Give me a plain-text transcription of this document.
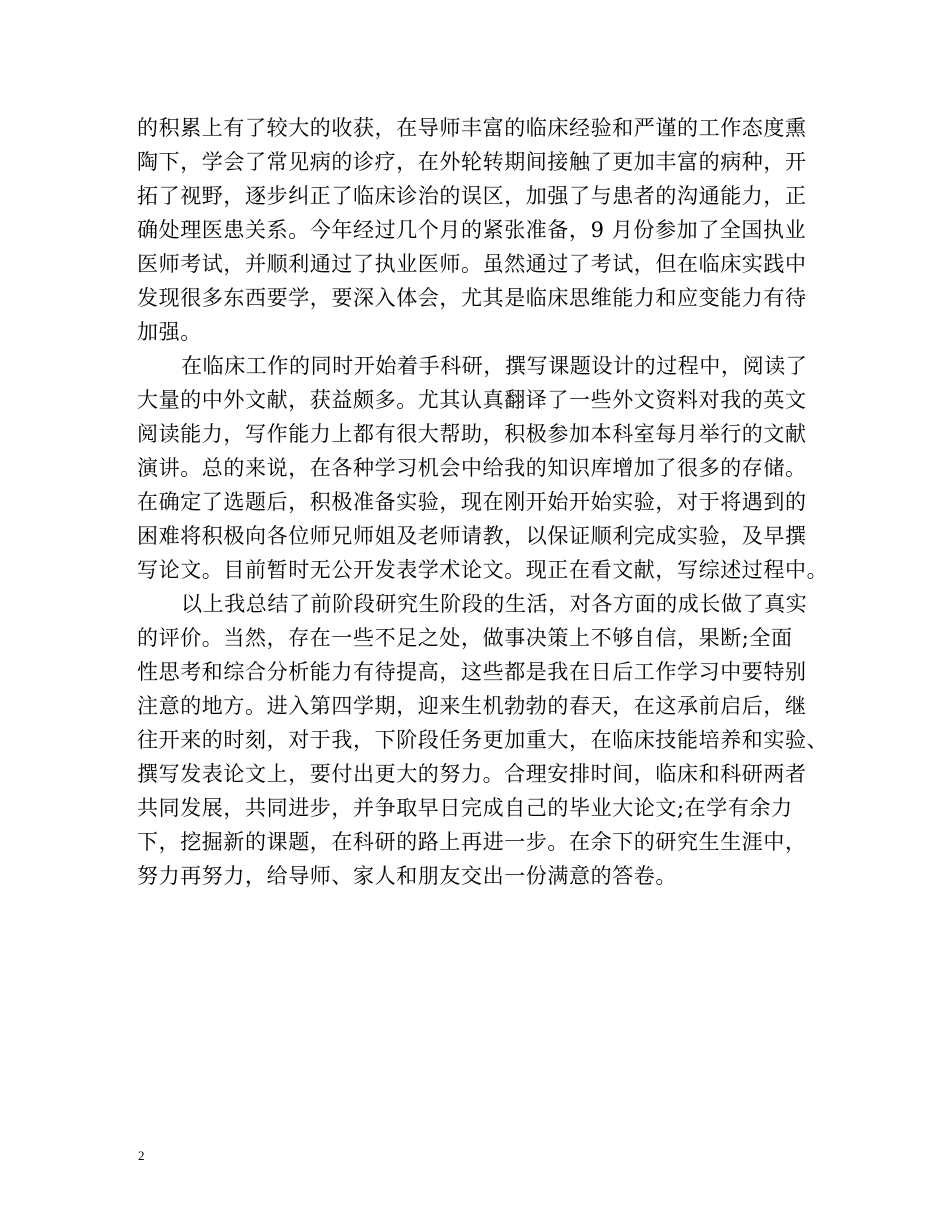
的积累上有了较大的收获，在导师丰富的临床经验和严谨的工作态度熏
陶下，学会了常见病的诊疗，在外轮转期间接触了更加丰富的病种，开
拓了视野，逐步纠正了临床诊治的误区，加强了与患者的沟通能力，正
确处理医患关系。今年经过几个月的紧张准备，9 月份参加了全国执业
医师考试，并顺利通过了执业医师。虽然通过了考试，但在临床实践中
发现很多东西要学，要深入体会，尤其是临床思维能力和应变能力有待
加强。
在临床工作的同时开始着手科研，撰写课题设计的过程中，阅读了
大量的中外文献，获益颇多。尤其认真翻译了一些外文资料对我的英文
阅读能力，写作能力上都有很大帮助，积极参加本科室每月举行的文献
演讲。总的来说，在各种学习机会中给我的知识库增加了很多的存储。
在确定了选题后，积极准备实验，现在刚开始开始实验，对于将遇到的
困难将积极向各位师兄师姐及老师请教，以保证顺利完成实验，及早撰
写论文。目前暂时无公开发表学术论文。现正在看文献，写综述过程中。
以上我总结了前阶段研究生阶段的生活，对各方面的成长做了真实
的评价。当然，存在一些不足之处，做事决策上不够自信，果断;全面
性思考和综合分析能力有待提高，这些都是我在日后工作学习中要特别
注意的地方。进入第四学期，迎来生机勃勃的春天，在这承前启后，继
往开来的时刻，对于我，下阶段任务更加重大，在临床技能培养和实验、
撰写发表论文上，要付出更大的努力。合理安排时间，临床和科研两者
共同发展，共同进步，并争取早日完成自己的毕业大论文;在学有余力
下，挖掘新的课题，在科研的路上再进一步。在余下的研究生生涯中，
努力再努力，给导师、家人和朋友交出一份满意的答卷。
2
